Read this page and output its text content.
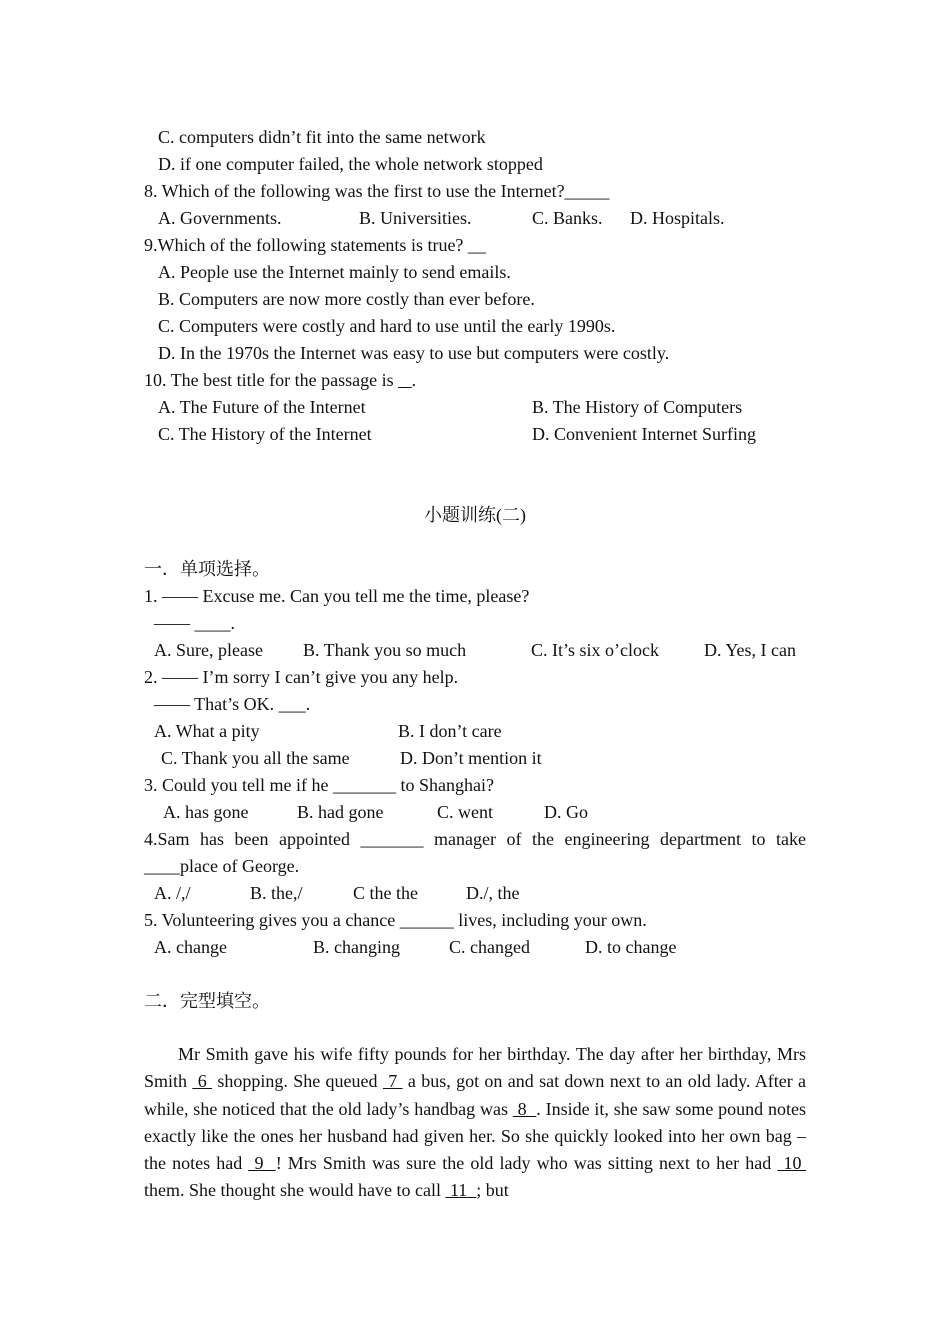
C. computers didn’t fit into the same network
D. if one computer failed, the whole network stopped
8. Which of the following was the first to use the Internet?_____
A. Governments.	B. Universities.	C. Banks. D. Hospitals.
9.Which of the following statements is true? __
A. People use the Internet mainly to send emails.
B. Computers are now more costly than ever before.
C. Computers were costly and hard to use until the early 1990s.
D. In the 1970s the Internet was easy to use but computers were costly.
10. The best title for the passage is    .
A. The Future of the Internet	B. The History of Computers
C. The History of the Internet	D. Convenient Internet Surfing
小题训练(二)
一．单项选择。
1. —— Excuse me. Can you tell me the time, please?
—— ____.
A. Sure, please B. Thank you so much	C. It’s six o’clock	D. Yes, I can
2. —— I’m sorry I can’t give you any help.
—— That’s OK. ___.
A. What a pity	B. I don’t care
C. Thank you all the same	D. Don’t mention it
3. Could you tell me if he _______ to Shanghai?
A. has gone	B. had gone	C. went	D. Go
4.Sam has been appointed _______ manager of the engineering department to take
____place of George.
A. /,/	B. the,/	C the the	D./, the
5. Volunteering gives you a chance ______ lives, including your own.
A. change	B. changing	C. changed	D. to change
二．完型填空。
Mr Smith gave his wife fifty pounds for her birthday. The day after her birthday, Mrs Smith  6  shopping. She queued  7  a bus, got on and sat down next to an old lady. After a while, she noticed that the old lady’s handbag was  8  . Inside it, she saw some pound notes exactly like the ones her husband had given her. So she quickly looked into her own bag – the notes had  9  ! Mrs Smith was sure the old lady who was sitting next to her had  10  them. She thought she would have to call  11  ; but
